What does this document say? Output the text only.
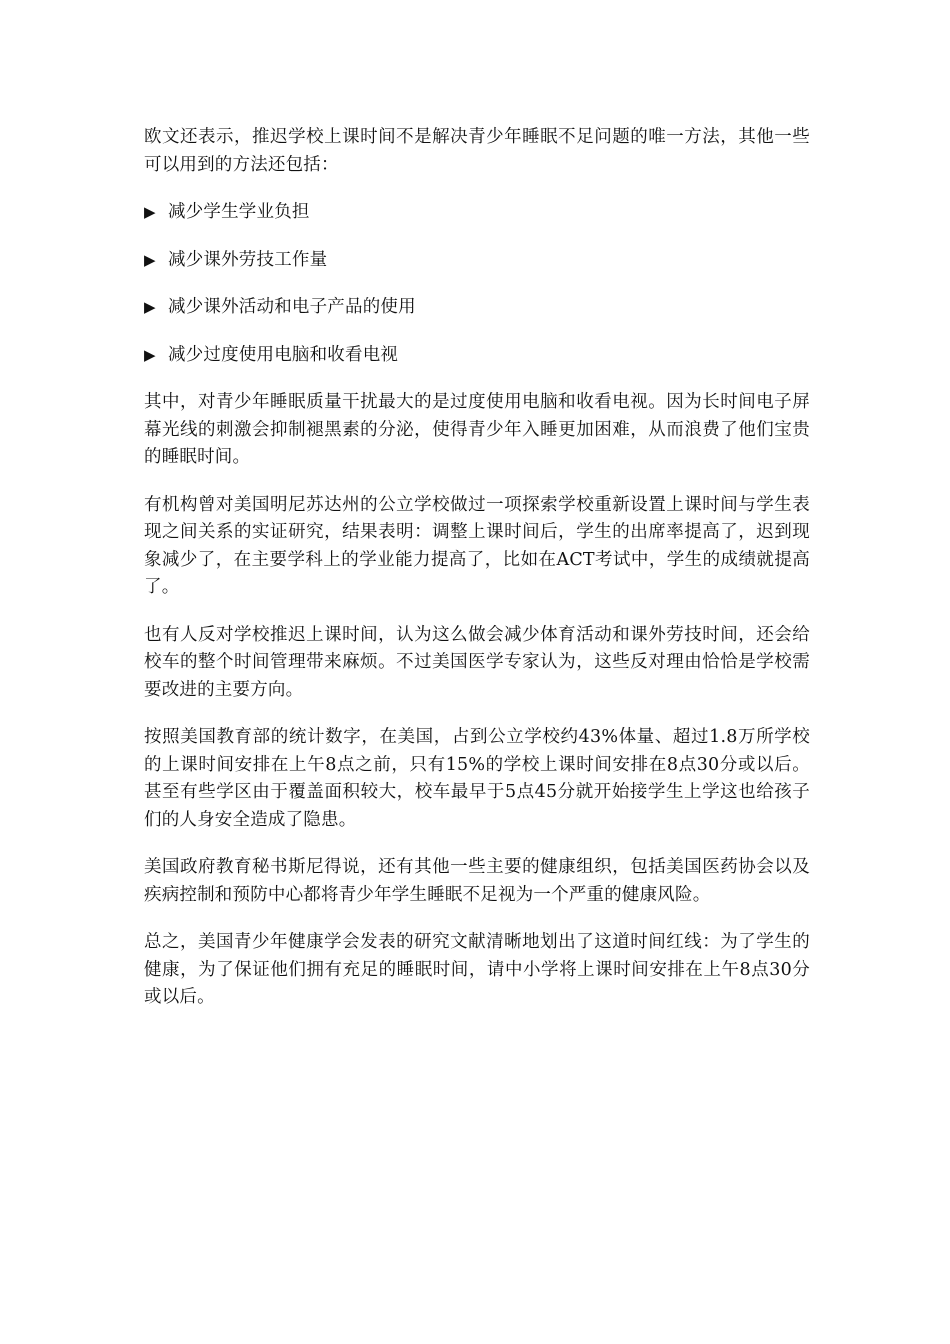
欧文还表示，推迟学校上课时间不是解决青少年睡眠不足问题的唯一方法，其他一些可以用到的方法还包括：

▶ 减少学生学业负担
▶ 减少课外劳技工作量
▶ 减少课外活动和电子产品的使用
▶ 减少过度使用电脑和收看电视

其中，对青少年睡眠质量干扰最大的是过度使用电脑和收看电视。因为长时间电子屏幕光线的刺激会抑制褪黑素的分泌，使得青少年入睡更加困难，从而浪费了他们宝贵的睡眠时间。

有机构曾对美国明尼苏达州的公立学校做过一项探索学校重新设置上课时间与学生表现之间关系的实证研究，结果表明：调整上课时间后，学生的出席率提高了，迟到现象减少了，在主要学科上的学业能力提高了，比如在ACT考试中，学生的成绩就提高了。

也有人反对学校推迟上课时间，认为这么做会减少体育活动和课外劳技时间，还会给校车的整个时间管理带来麻烦。不过美国医学专家认为，这些反对理由恰恰是学校需要改进的主要方向。

按照美国教育部的统计数字，在美国，占到公立学校约43%体量、超过1.8万所学校的上课时间安排在上午8点之前，只有15%的学校上课时间安排在8点30分或以后。甚至有些学区由于覆盖面积较大，校车最早于5点45分就开始接学生上学这也给孩子们的人身安全造成了隐患。

美国政府教育秘书斯尼得说，还有其他一些主要的健康组织，包括美国医药协会以及疾病控制和预防中心都将青少年学生睡眠不足视为一个严重的健康风险。

总之，美国青少年健康学会发表的研究文献清晰地划出了这道时间红线：为了学生的健康，为了保证他们拥有充足的睡眠时间，请中小学将上课时间安排在上午8点30分或以后。
